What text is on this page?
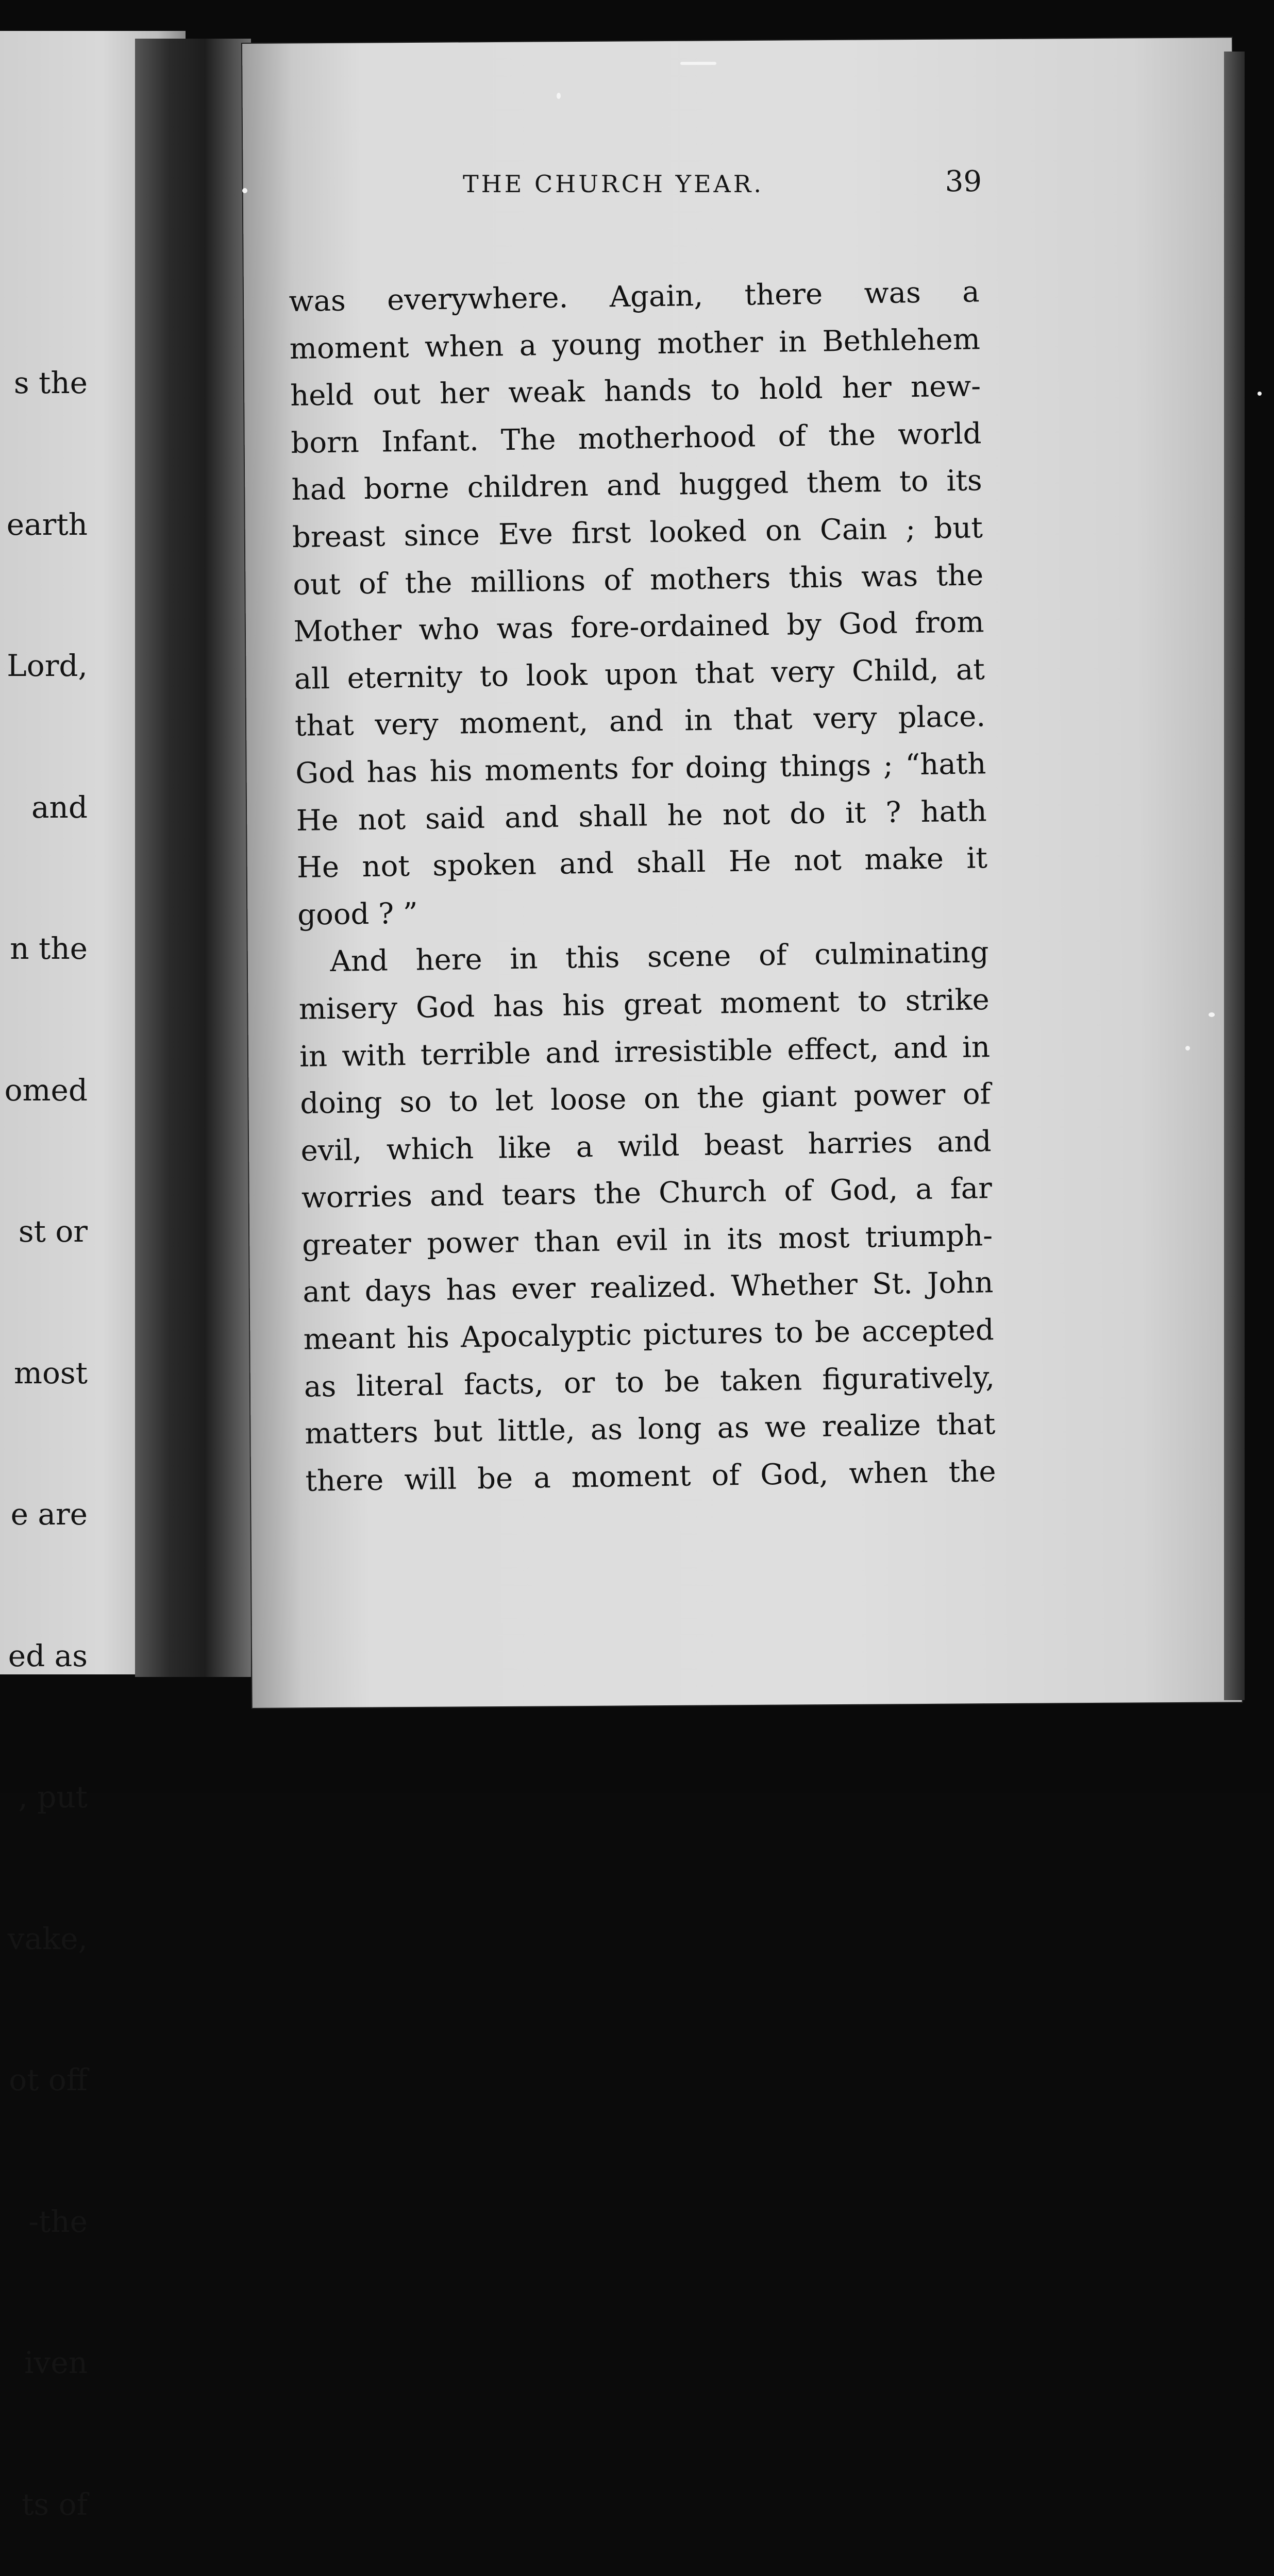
s the

earth

Lord,

and

n the

omed

st or

most

e are

ed as

, put

vake,

ot off

-the

iven

ts of

THE CHURCH YEAR.	39
was everywhere. Again, there was a
moment when a young mother in Bethlehem
held out her weak hands to hold her new-
born Infant. The motherhood of the world
had borne children and hugged them to its
breast since Eve first looked on Cain ; but
out of the millions of mothers this was the
Mother who was fore-ordained by God from
all eternity to look upon that very Child, at
that very moment, and in that very place.
God has his moments for doing things ; “hath
He not said and shall he not do it ? hath
He not spoken and shall He not make it
good ? ”
And here in this scene of culminating
misery God has his great moment to strike
in with terrible and irresistible effect, and in
doing so to let loose on the giant power of
evil, which like a wild beast harries and
worries and tears the Church of God, a far
greater power than evil in its most triumph-
ant days has ever realized. Whether St. John
meant his Apocalyptic pictures to be accepted
as literal facts, or to be taken figuratively,
matters but little, as long as we realize that
there will be a moment of God, when the
